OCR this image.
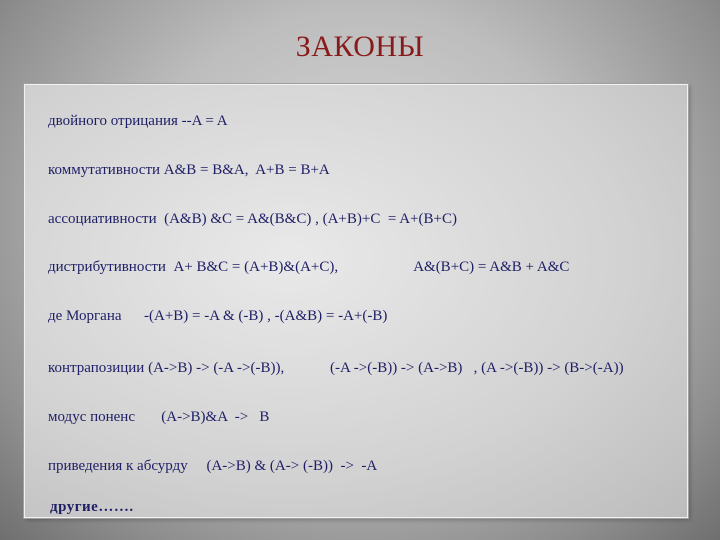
ЗАКОНЫ

двойного отрицания --A = A

коммутативности A&B = B&A,  A+B = B+A

ассоциативности  (A&B) &C = A&(B&C) , (A+B)+C  = A+(B+C)

дистрибутивности  A+ B&C = (A+B)&(A+C),
	A&(B+C) = A&B + A&C

де Моргана      -(A+B) = -A & (-B) , -(A&B) = -A+(-B)

контрапозиции (A->B) -> (-A ->(-B)),
	(-A ->(-B)) -> (A->B)   , (A ->(-B)) -> (B->(-A))

модус поненс       (A->B)&A  ->   B

приведения к абсурду     (A->B) & (A-> (-B))  ->  -A

другие…….
